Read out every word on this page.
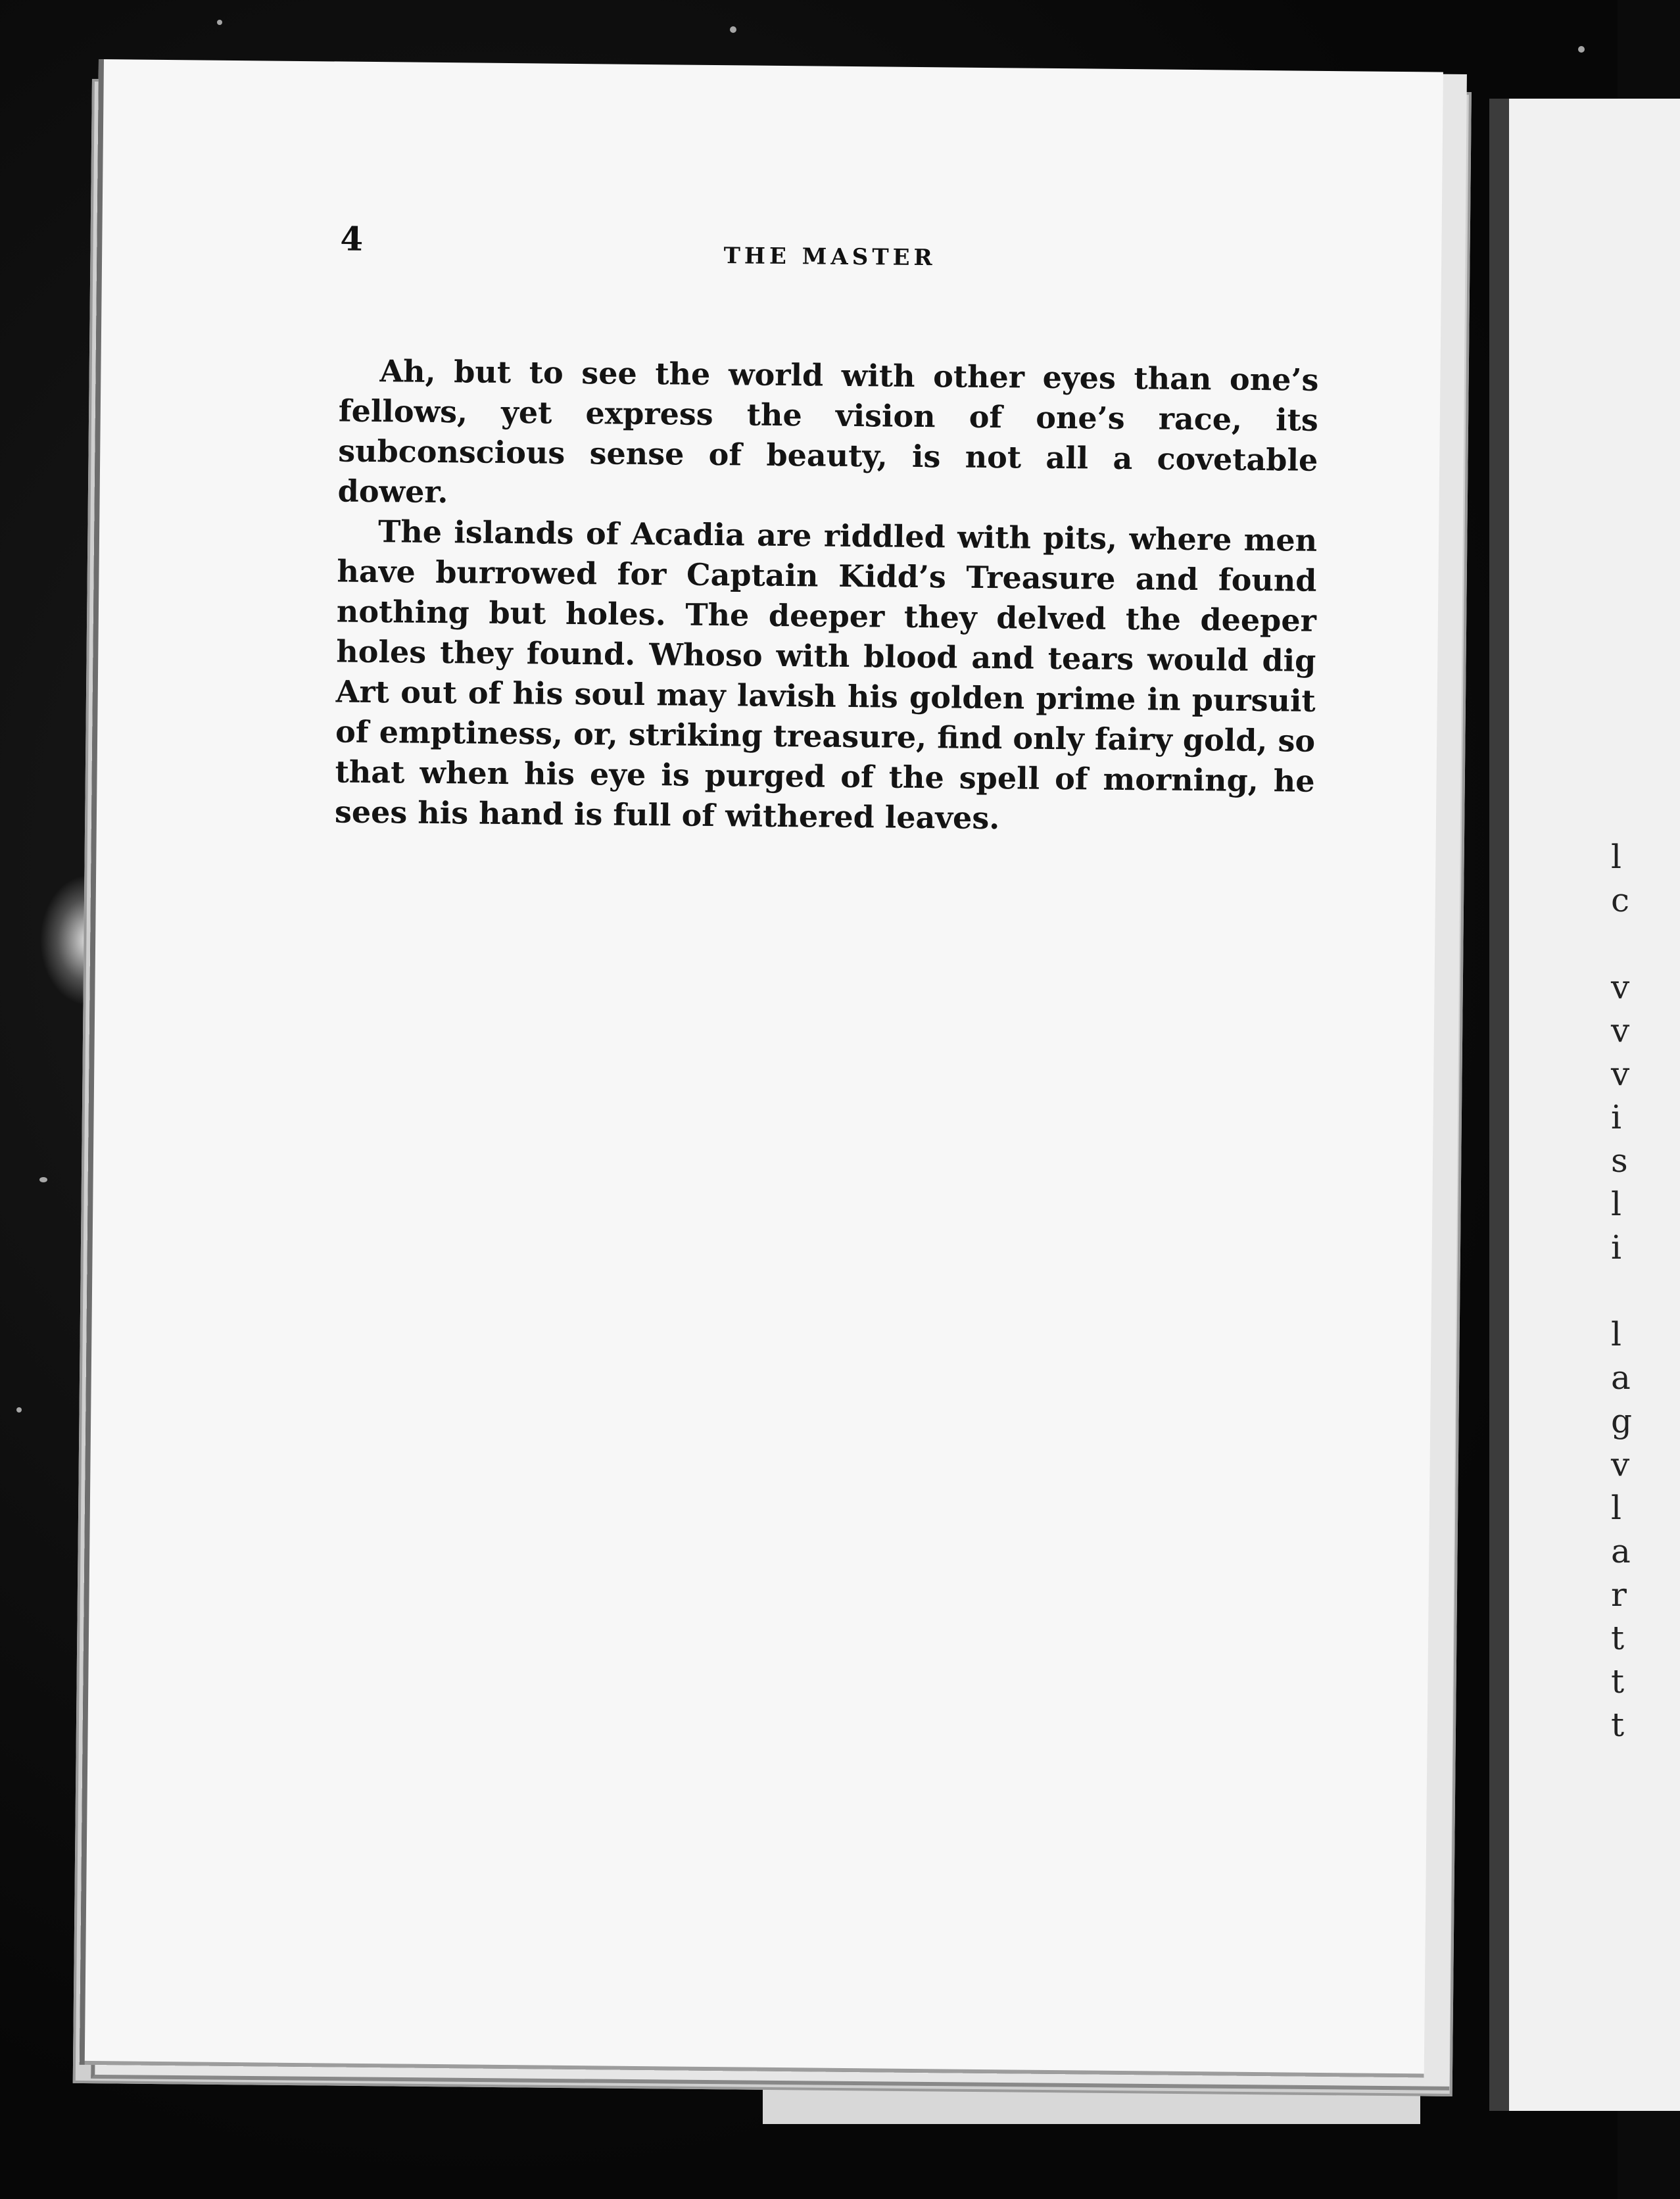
l
c

v
v
v
i
s
l
i

l
a
g
v
l
a
r
t
t
t
4	THE MASTER

Ah, but to see the world with other eyes than one’s fellows, yet express the vision of one’s race, its subconscious sense of beauty, is not all a covetable dower.

The islands of Acadia are riddled with pits, where men have burrowed for Captain Kidd’s Treasure and found nothing but holes. The deeper they delved the deeper holes they found. Whoso with blood and tears would dig Art out of his soul may lavish his golden prime in pursuit of emptiness, or, striking treasure, find only fairy gold, so that when his eye is purged of the spell of morning, he sees his hand is full of withered leaves.
